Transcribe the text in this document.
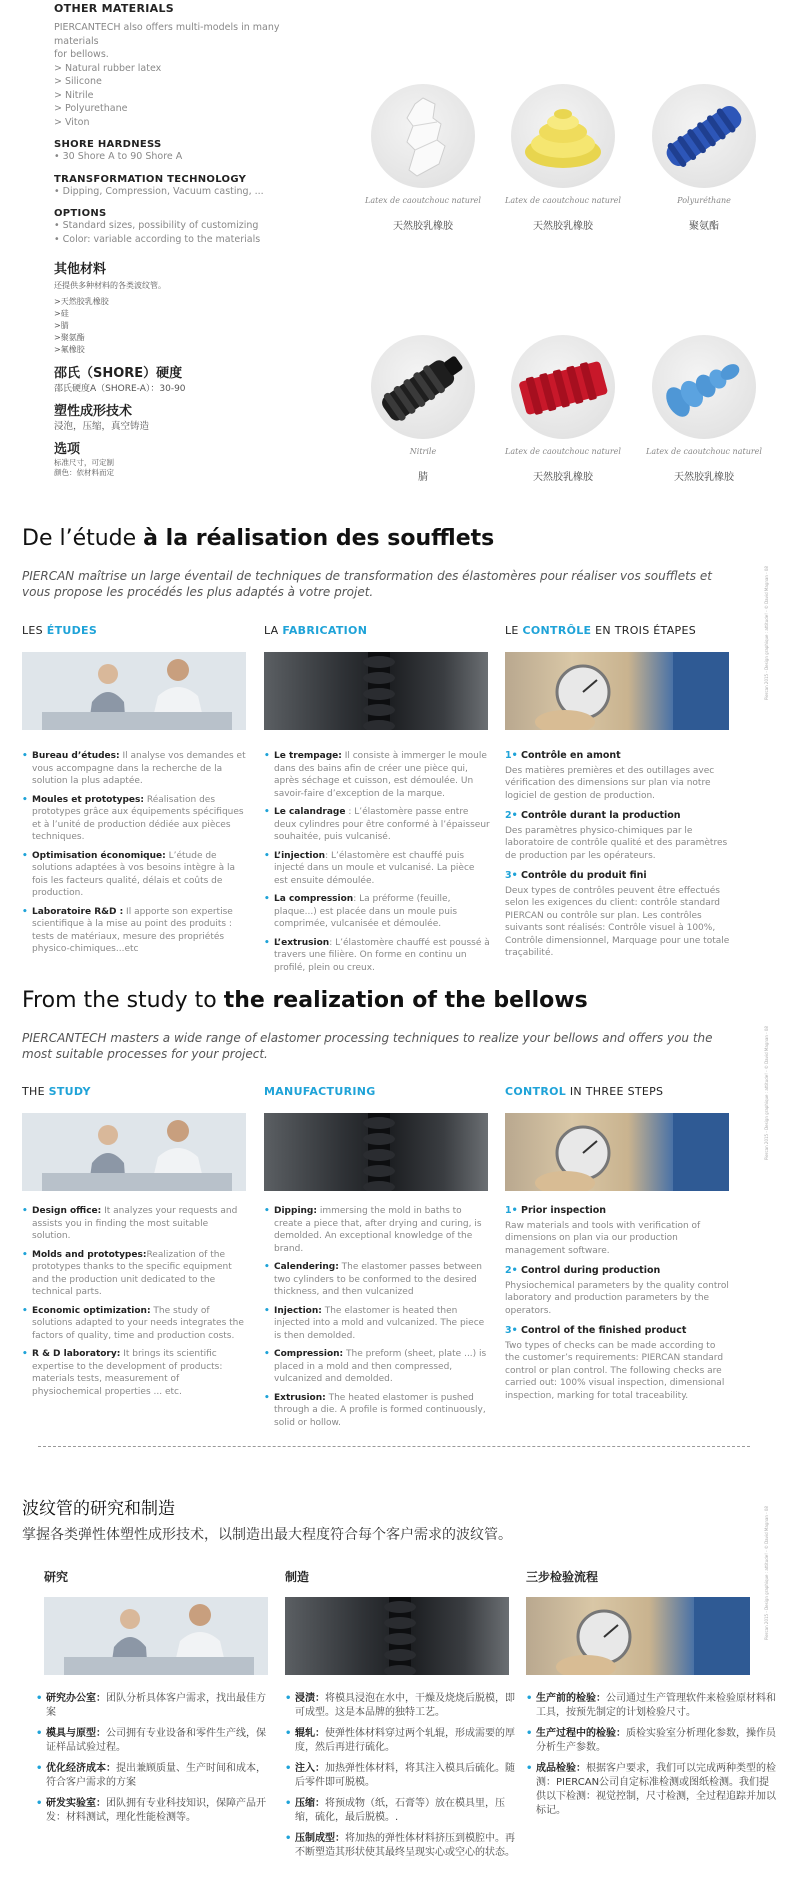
OTHER MATERIALS
PIERCANTECH also offers multi-models in many materials
for bellows.
> Natural rubber latex
> Silicone
> Nitrile
> Polyurethane
> Viton
SHORE HARDNESS
• 30 Shore A to 90 Shore A
TRANSFORMATION TECHNOLOGY
• Dipping, Compression, Vacuum casting, ...
OPTIONS
• Standard sizes, possibility of customizing
• Color: variable according to the materials
其他材料
还提供多种材料的各类波纹管。
>天然胶乳橡胶
>硅
>腈
>聚氨酯
>氟橡胶
邵氏（SHORE）硬度
邵氏硬度A（SHORE-A）：30-90
塑性成形技术
浸泡，压缩，真空铸造
选项
标准尺寸，可定制
颜色：依材料而定
Latex de caoutchouc naturel
天然胶乳橡胶
Latex de caoutchouc naturel
天然胶乳橡胶
Polyuréthane
聚氨酯
Nitrile
腈
Latex de caoutchouc naturel
天然胶乳橡胶
Latex de caoutchouc naturel
天然胶乳橡胶
De l’étude à la réalisation des soufflets
PIERCAN maîtrise un large éventail de techniques de transformation des élastomères pour réaliser vos soufflets et vous propose les procédés les plus adaptés à votre projet.
LES ÉTUDES	LA FABRICATION	LE CONTRÔLE EN TROIS ÉTAPES
• Bureau d’études: Il analyse vos demandes et vous accompagne dans la recherche de la solution la plus adaptée.
• Moules et prototypes: Réalisation des prototypes grâce aux équipements spécifiques et à l’unité de production dédiée aux pièces techniques.
• Optimisation économique: L’étude de solutions adaptées à vos besoins intègre à la fois les facteurs qualité, délais et coûts de production.
• Laboratoire R&D : Il apporte son expertise scientifique à la mise au point des produits : tests de matériaux, mesure des propriétés physico-chimiques...etc
• Le trempage: Il consiste à immerger le moule dans des bains afin de créer une pièce qui, après séchage et cuisson, est démoulée. Un savoir-faire d’exception de la marque.
• Le calandrage : L’élastomère passe entre deux cylindres pour être conformé à l’épaisseur souhaitée, puis vulcanisé.
• L’injection: L’élastomère est chauffé puis injecté dans un moule et vulcanisé. La pièce est ensuite démoulée.
• La compression: La préforme (feuille, plaque...) est placée dans un moule puis comprimée, vulcanisée et démoulée.
• L’extrusion: L’élastomère chauffé est poussé à travers une filière. On forme en continu un profilé, plein ou creux.
1• Contrôle en amont
Des matières premières et des outillages avec vérification des dimensions sur plan via notre logiciel de gestion de production.
2• Contrôle durant la production
Des paramètres physico-chimiques par le laboratoire de contrôle qualité et des paramètres de production par les opérateurs.
3• Contrôle du produit fini
Deux types de contrôles peuvent être effectués selon les exigences du client: contrôle standard PIERCAN ou contrôle sur plan. Les contrôles suivants sont réalisés: Contrôle visuel à 100%, Contrôle dimensionnel, Marquage pour une totale traçabilité.
Piercan 2015 - Design graphique : attitude! - © David Magnan - 08
From the study to the realization of the bellows
PIERCANTECH masters a wide range of elastomer processing techniques to realize your bellows and offers you the most suitable processes for your project.
THE STUDY	MANUFACTURING	CONTROL IN THREE STEPS
• Design office: It analyzes your requests and assists you in finding the most suitable solution.
• Molds and prototypes:Realization of the prototypes thanks to the specific equipment and the production unit dedicated to the technical parts.
• Economic optimization: The study of solutions adapted to your needs integrates the factors of quality, time and production costs.
• R & D laboratory: It brings its scientific expertise to the development of products: materials tests, measurement of physiochemical properties ... etc.
• Dipping: immersing the mold in baths to create a piece that, after drying and curing, is demolded. An exceptional knowledge of the brand.
• Calendering: The elastomer passes between two cylinders to be conformed to the desired thickness, and then vulcanized
• Injection: The elastomer is heated then injected into a mold and vulcanized. The piece is then demolded.
• Compression: The preform (sheet, plate ...) is placed in a mold and then compressed, vulcanized and demolded.
• Extrusion: The heated elastomer is pushed through a die. A profile is formed continuously, solid or hollow.
1• Prior inspection
Raw materials and tools with verification of dimensions on plan via our production management software.
2• Control during production
Physiochemical parameters by the quality control laboratory and production parameters by the operators.
3• Control of the finished product
Two types of checks can be made according to the customer’s requirements: PIERCAN standard control or plan control. The following checks are carried out: 100% visual inspection, dimensional inspection, marking for total traceability.
Piercan 2015 - Design graphique : attitude! - © David Magnan - 08
波纹管的研究和制造
掌握各类弹性体塑性成形技术，以制造出最大程度符合每个客户需求的波纹管。
研究	制造	三步检验流程
• 研究办公室：团队分析具体客户需求，找出最佳方案
• 模具与原型：公司拥有专业设备和零件生产线，保证样品试验过程。
• 优化经济成本：提出兼顾质量、生产时间和成本，符合客户需求的方案
• 研发实验室：团队拥有专业科技知识，保障产品开发：材料测试，理化性能检测等。
• 浸渍：将模具浸泡在水中，干燥及烧烧后脱模，即可成型。这是本品牌的独特工艺。
• 辊轧：使弹性体材料穿过两个轧辊，形成需要的厚度，然后再进行硫化。
• 注入：加热弹性体材料，将其注入模具后硫化。随后零件即可脱模。
• 压缩：将预成物（纸，石膏等）放在模具里，压缩，硫化，最后脱模。.
• 压制成型：将加热的弹性体材料挤压到模腔中。再不断塑造其形状使其最终呈现实心或空心的状态。
• 生产前的检验：公司通过生产管理软件来检验原材料和工具，按预先制定的计划检验尺寸。
• 生产过程中的检验：质检实验室分析理化参数，操作员分析生产参数。
• 成品检验：根据客户要求，我们可以完成两种类型的检测：PIERCAN公司自定标准检测或图纸检测。我们提供以下检测：视觉控制，尺寸检测，全过程追踪并加以标记。
Piercan 2015 - Design graphique : attitude! - © David Magnan - 08
